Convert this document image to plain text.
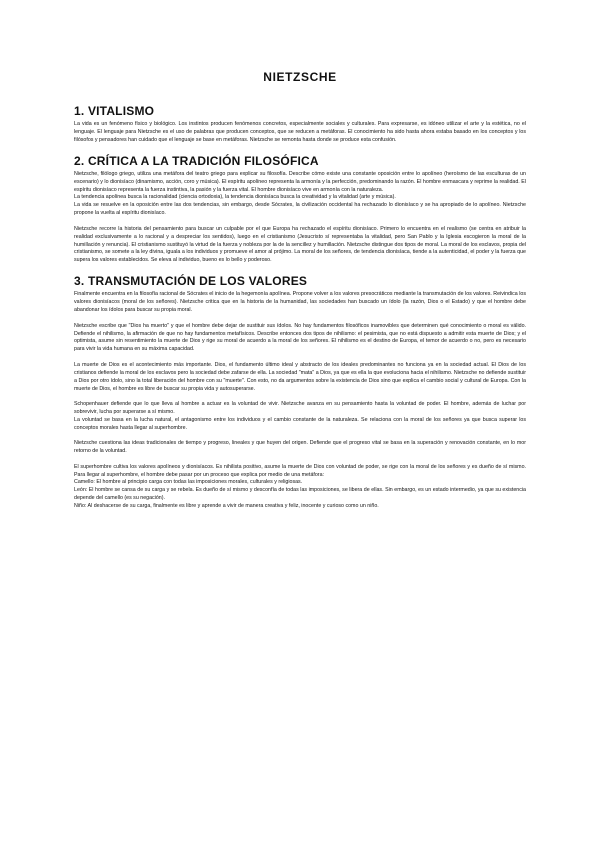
NIETZSCHE
1. VITALISMO

La vida es un fenómeno físico y biológico. Los instintos producen fenómenos concretos, especialmente sociales y culturales. Para expresarse, es idóneo utilizar el arte y la estética, no el lenguaje. El lenguaje para Nietzsche es el uso de palabras que producen conceptos, que se reducen a metáforas. El conocimiento ha sido hasta ahora estaba basado en los conceptos y los filósofos y pensadores han cuidado que el lenguaje se base en metáforas. Nietzsche se remonta hasta donde se produce esta confusión.

2. CRÍTICA A LA TRADICIÓN FILOSÓFICA

Nietzsche, filólogo griego, utiliza una metáfora del teatro griego para explicar su filosofía. Describe cómo existe una constante oposición entre lo apolíneo (heroísmo de las esculturas de un escenario) y lo dionisíaco (dinamismo, acción, coro y música). El espíritu apolíneo representa la armonía y la perfección, predominando la razón. El hombre enmascara y reprime la realidad. El espíritu dionisíaco representa la fuerza instintiva, la pasión y la fuerza vital. El hombre dionisíaco vive en armonía con la naturaleza.

La tendencia apolínea busca la racionalidad (ciencia ortodoxia), la tendencia dionisíaca busca la creatividad y la vitalidad (arte y música).

La vida se resuelve en la oposición entre las dos tendencias, sin embargo, desde Sócrates, la civilización occidental ha rechazado lo dionisíaco y se ha apropiado de lo apolíneo. Nietzsche propone la vuelta al espíritu dionisíaco.

Nietzsche recorre la historia del pensamiento para buscar un culpable por el que Europa ha rechazado el espíritu dionisíaco. Primero lo encuentra en el realismo (se centra en atribuir la realidad exclusivamente a lo racional y a despreciar los sentidos), luego en el cristianismo (Jesucristo sí representaba la vitalidad, pero San Pablo y la Iglesia escogieron la moral de la humillación y renuncia). El cristianismo sustituyó la virtud de la fuerza y nobleza por la de la sencillez y humillación. Nietzsche distingue dos tipos de moral. La moral de los esclavos, propia del cristianismo, se somete a la ley divina, iguala a los individuos y promueve el amor al prójimo. La moral de los señores, de tendencia dionisíaca, tiende a la autenticidad, el poder y la fuerza que supera los valores establecidos. Se eleva al individuo, bueno es lo bello y poderoso.

3. TRANSMUTACIÓN DE LOS VALORES

Finalmente encuentra en la filosofía racional de Sócrates el inicio de la hegemonía apolínea. Propone volver a los valores presocráticos mediante la transmutación de los valores. Reivindica los valores dionisíacos (moral de los señores). Nietzsche critica que en la historia de la humanidad, las sociedades han buscado un ídolo (la razón, Dios o el Estado) y que el hombre debe abandonar los ídolos para buscar su propia moral.

Nietzsche escribe que "Dios ha muerto" y que el hombre debe dejar de sustituir sus ídolos. No hay fundamentos filosóficos inamovibles que determinen qué conocimiento o moral es válido. Defiende el nihilismo, la afirmación de que no hay fundamentos metafísicos. Describe entonces dos tipos de nihilismo: el pesimista, que no está dispuesto a admitir esta muerte de Dios; y el optimista, asume sin resentimiento la muerte de Dios y rige su moral de acuerdo a la moral de los señores. El nihilismo es el destino de Europa, el temor de acuerdo o no, pero es necesario para vivir la vida humana en su máxima capacidad.

La muerte de Dios es el acontecimiento más importante. Dios, el fundamento último ideal y abstracto de los ideales predominantes no funciona ya en la sociedad actual. El Dios de los cristianos defiende la moral de los esclavos pero la sociedad debe zafarse de ella. La sociedad "mata" a Dios, ya que es ella la que evoluciona hacia el nihilismo. Nietzsche no defiende sustituir a Dios por otro ídolo, sino la total liberación del hombre con su "muerte". Con esto, no da argumentos sobre la existencia de Dios sino que explica el cambio social y cultural de Europa. Con la muerte de Dios, el hombre es libre de buscar su propia vida y autosuperarse.

Schopenhauer defiende que lo que lleva al hombre a actuar es la voluntad de vivir. Nietzsche avanza en su pensamiento hasta la voluntad de poder. El hombre, además de luchar por sobrevivir, lucha por superarse a sí mismo.

La voluntad se basa en la lucha natural, el antagonismo entre los individuos y el cambio constante de la naturaleza. Se relaciona con la moral de los señores ya que busca superar los conceptos morales hasta llegar al superhombre.

Nietzsche cuestiona las ideas tradicionales de tiempo y progreso, lineales y que huyen del origen. Defiende que el progreso vital se basa en la superación y renovación constante, en lo mor retorno de la voluntad.

El superhombre cultiva los valores apolíneos y dionisíacos. Es nihilista positivo, asume la muerte de Dios con voluntad de poder, se rige con la moral de los señores y es dueño de sí mismo. Para llegar al superhombre, el hombre debe pasar por un proceso que explica por medio de una metáfora:

Camello: El hombre al principio carga con todas las imposiciones morales, culturales y religiosas.

León: El hombre se cansa de su carga y se rebela. Es dueño de sí mismo y desconfía de todas las imposiciones, se libera de ellas. Sin embargo, es un estado intermedio, ya que su existencia depende del camello (es su negación).

Niño: Al deshacerse de su carga, finalmente es libre y aprende a vivir de manera creativa y feliz, inocente y curioso como un niño.
